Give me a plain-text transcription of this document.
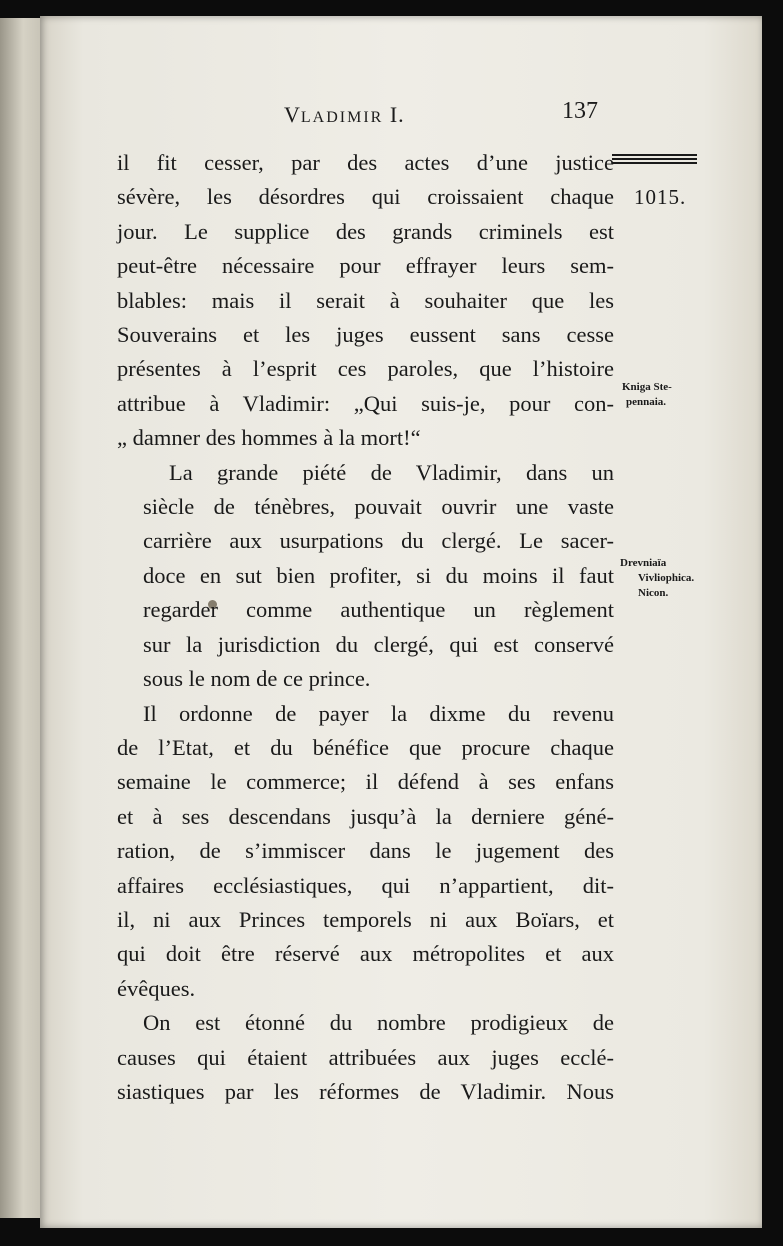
VLADIMIR I.	137
1015.
Kniga Ste-
pennaia.
Drevniaïa
Vivliophica.
Nicon.

il fit cesser, par des actes d’une justice
sévère, les désordres qui croissaient chaque
jour. Le supplice des grands criminels est
peut-être nécessaire pour effrayer leurs sem-
blables: mais il serait à souhaiter que les
Souverains et les juges eussent sans cesse
présentes à l’esprit ces paroles, que l’histoire
attribue à Vladimir: „Qui suis-je, pour con-
„ damner des hommes à la mort!“

La grande piété de Vladimir, dans un
siècle de ténèbres, pouvait ouvrir une vaste
carrière aux usurpations du clergé. Le sacer-
doce en sut bien profiter, si du moins il faut
regarder comme authentique un règlement
sur la jurisdiction du clergé, qui est conservé
sous le nom de ce prince.

Il ordonne de payer la dixme du revenu
de l’Etat, et du bénéfice que procure chaque
semaine le commerce; il défend à ses enfans
et à ses descendans jusqu’à la derniere géné-
ration, de s’immiscer dans le jugement des
affaires ecclésiastiques, qui n’appartient, dit-
il, ni aux Princes temporels ni aux Boïars, et
qui doit être réservé aux métropolites et aux
évêques.

On est étonné du nombre prodigieux de
causes qui étaient attribuées aux juges ecclé-
siastiques par les réformes de Vladimir. Nous
